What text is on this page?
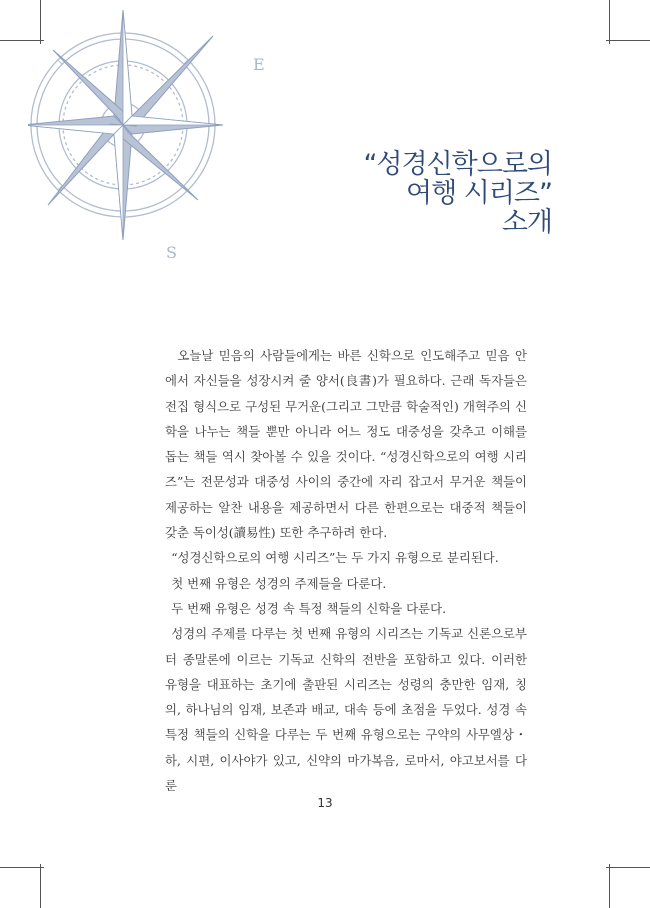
E
S
“성경신학으로의
여행 시리즈”
소개

오늘날 믿음의 사람들에게는 바른 신학으로 인도해주고 믿음 안에서 자신들을 성장시켜 줄 양서(良書)가 필요하다. 근래 독자들은 전집 형식으로 구성된 무거운(그리고 그만큼 학술적인) 개혁주의 신학을 나누는 책들 뿐만 아니라 어느 정도 대중성을 갖추고 이해를 돕는 책들 역시 찾아볼 수 있을 것이다. “성경신학으로의 여행 시리즈”는 전문성과 대중성 사이의 중간에 자리 잡고서 무거운 책들이 제공하는 알찬 내용을 제공하면서 다른 한편으로는 대중적 책들이 갖춘 독이성(讀易性) 또한 추구하려 한다.

“성경신학으로의 여행 시리즈”는 두 가지 유형으로 분리된다.

첫 번째 유형은 성경의 주제들을 다룬다.

두 번째 유형은 성경 속 특정 책들의 신학을 다룬다.

성경의 주제를 다루는 첫 번째 유형의 시리즈는 기독교 신론으로부터 종말론에 이르는 기독교 신학의 전반을 포함하고 있다. 이러한 유형을 대표하는 초기에 출판된 시리즈는 성령의 충만한 임재, 칭의, 하나님의 임재, 보존과 배교, 대속 등에 초점을 두었다. 성경 속 특정 책들의 신학을 다루는 두 번째 유형으로는 구약의 사무엘상・하, 시편, 이사야가 있고, 신약의 마가복음, 로마서, 야고보서를 다룬

13
